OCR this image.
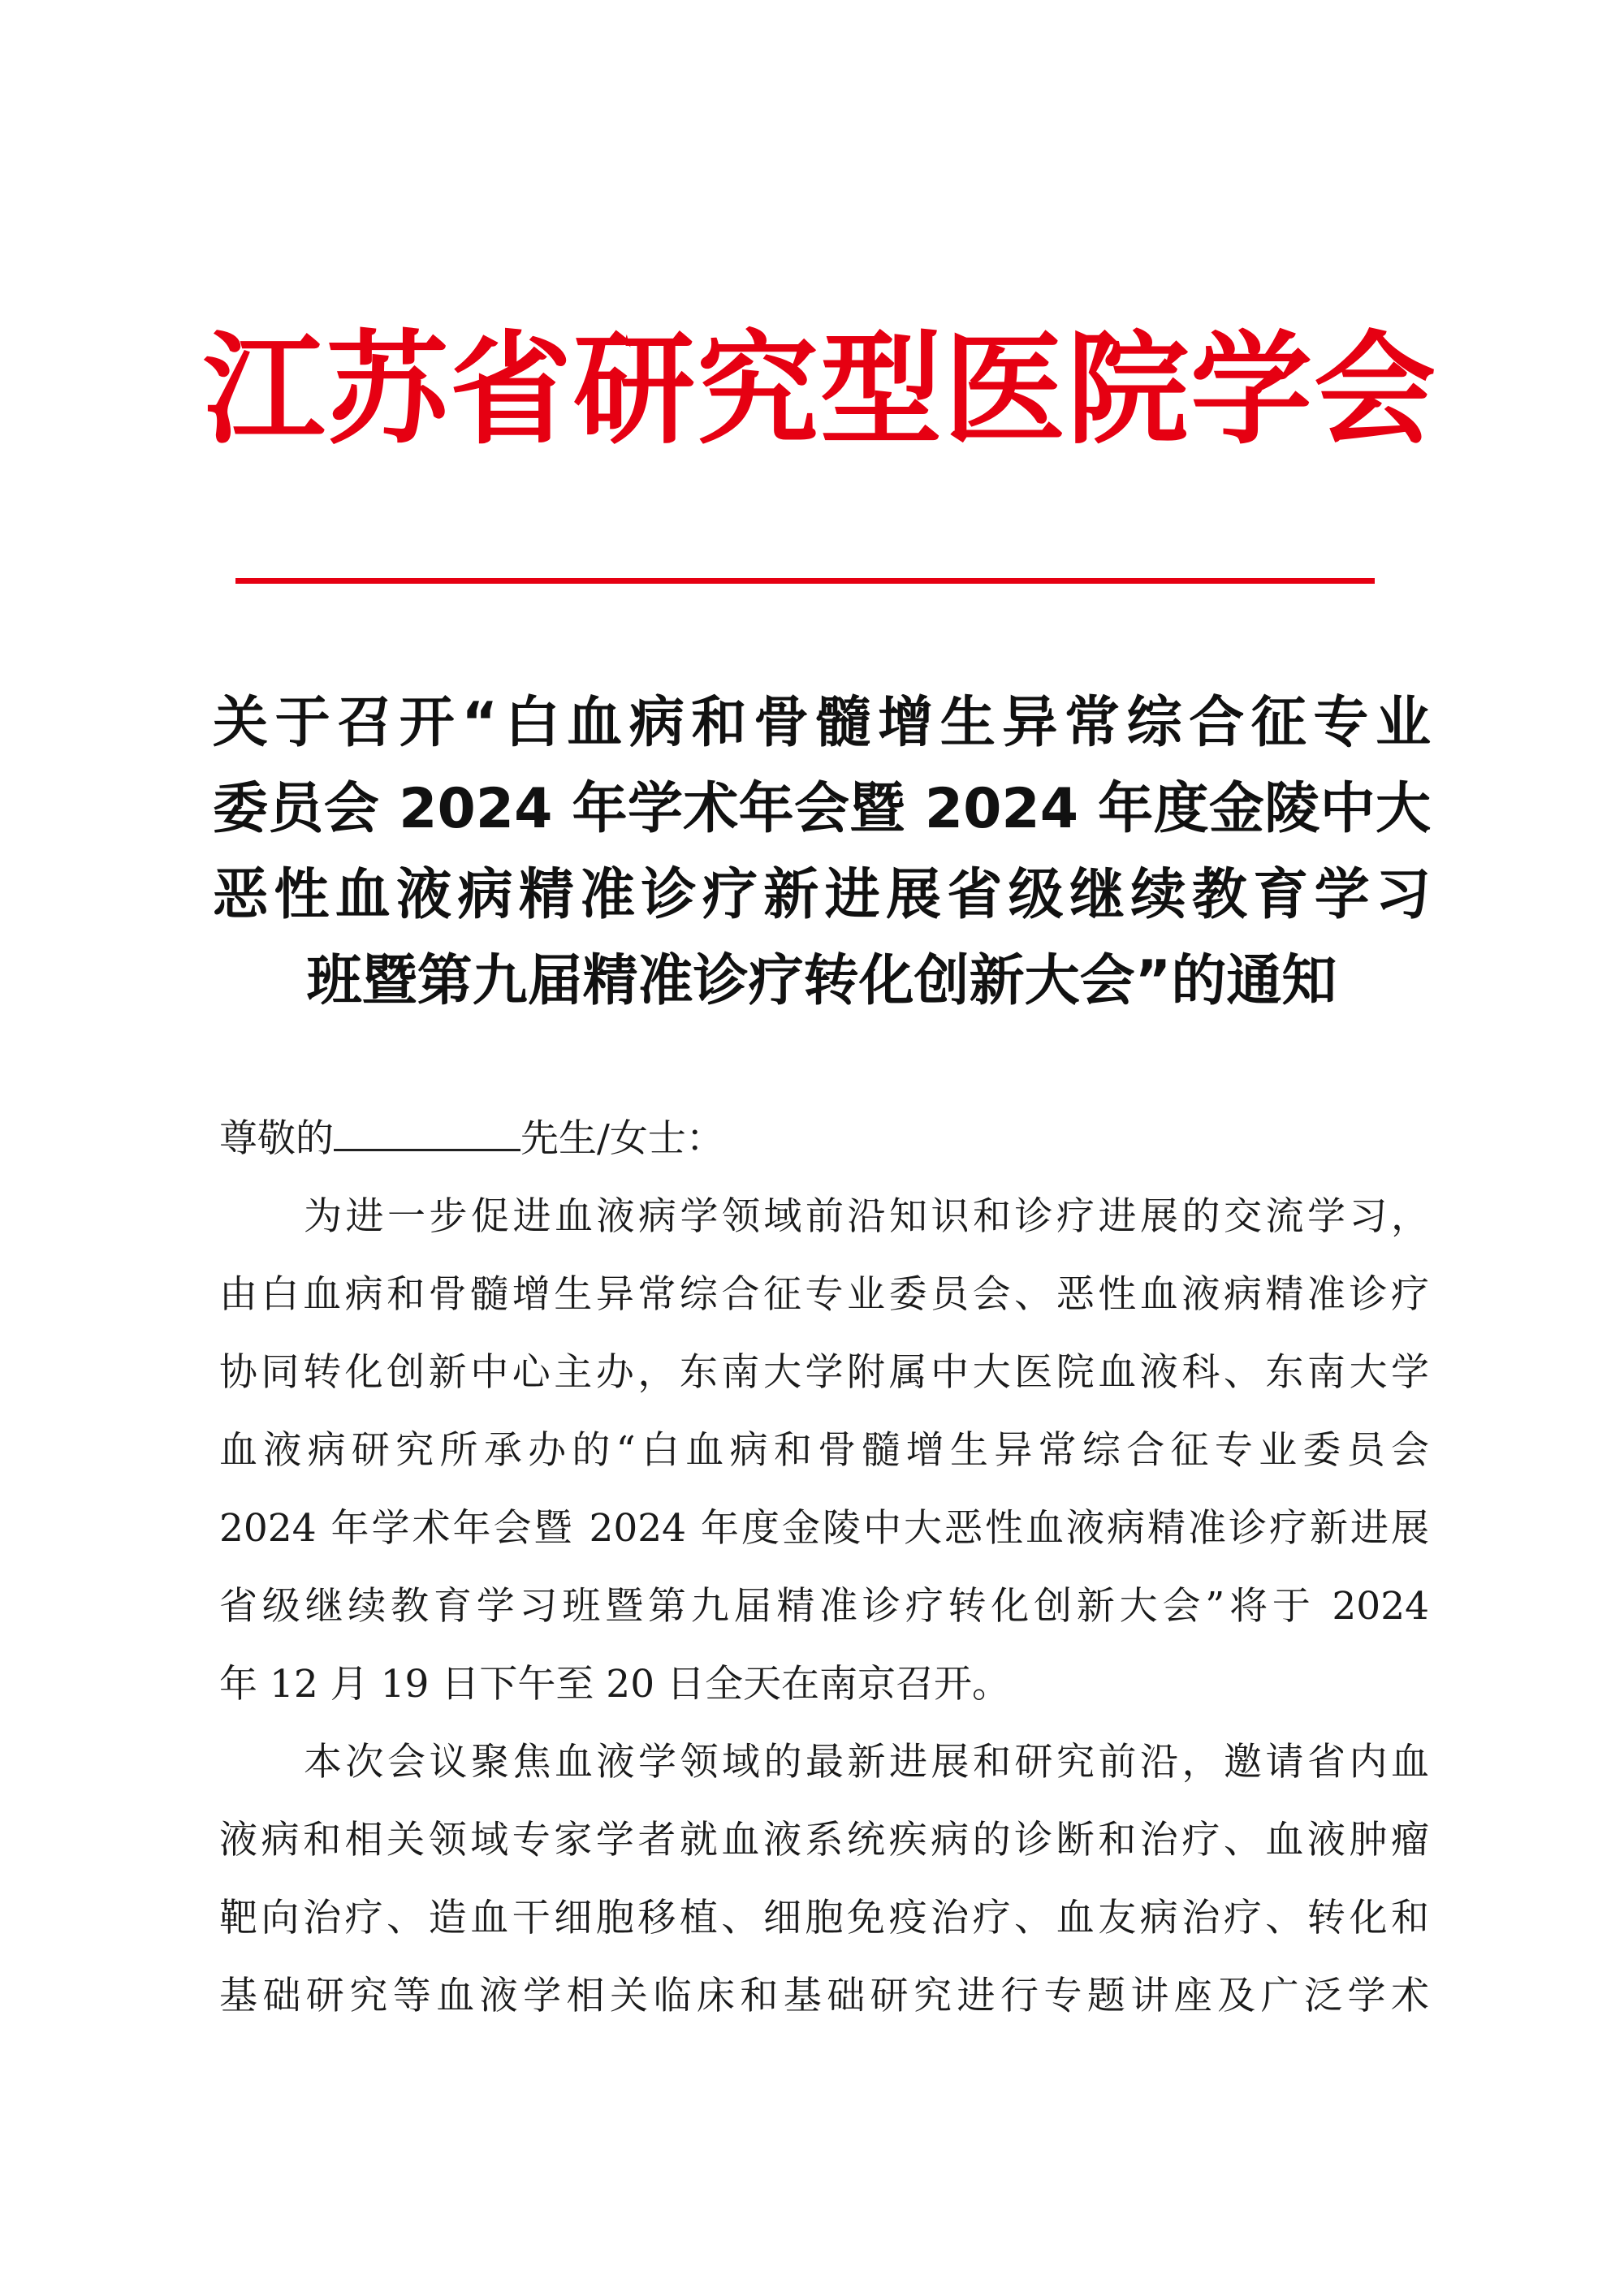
江苏省研究型医院学会
关于召开“白血病和骨髓增生异常综合征专业
委员会 2024 年学术年会暨 2024 年度金陵中大
恶性血液病精准诊疗新进展省级继续教育学习
班暨第九届精准诊疗转化创新大会”的通知
尊敬的	先生/女士：
为进一步促进血液病学领域前沿知识和诊疗进展的交流学习，
由白血病和骨髓增生异常综合征专业委员会、恶性血液病精准诊疗
协同转化创新中心主办，东南大学附属中大医院血液科、东南大学
血液病研究所承办的“白血病和骨髓增生异常综合征专业委员会
2024 年学术年会暨 2024 年度金陵中大恶性血液病精准诊疗新进展
省级继续教育学习班暨第九届精准诊疗转化创新大会”将于 2024
年 12 月 19 日下午至 20 日全天在南京召开。
本次会议聚焦血液学领域的最新进展和研究前沿，邀请省内血
液病和相关领域专家学者就血液系统疾病的诊断和治疗、血液肿瘤
靶向治疗、造血干细胞移植、细胞免疫治疗、血友病治疗、转化和
基础研究等血液学相关临床和基础研究进行专题讲座及广泛学术
